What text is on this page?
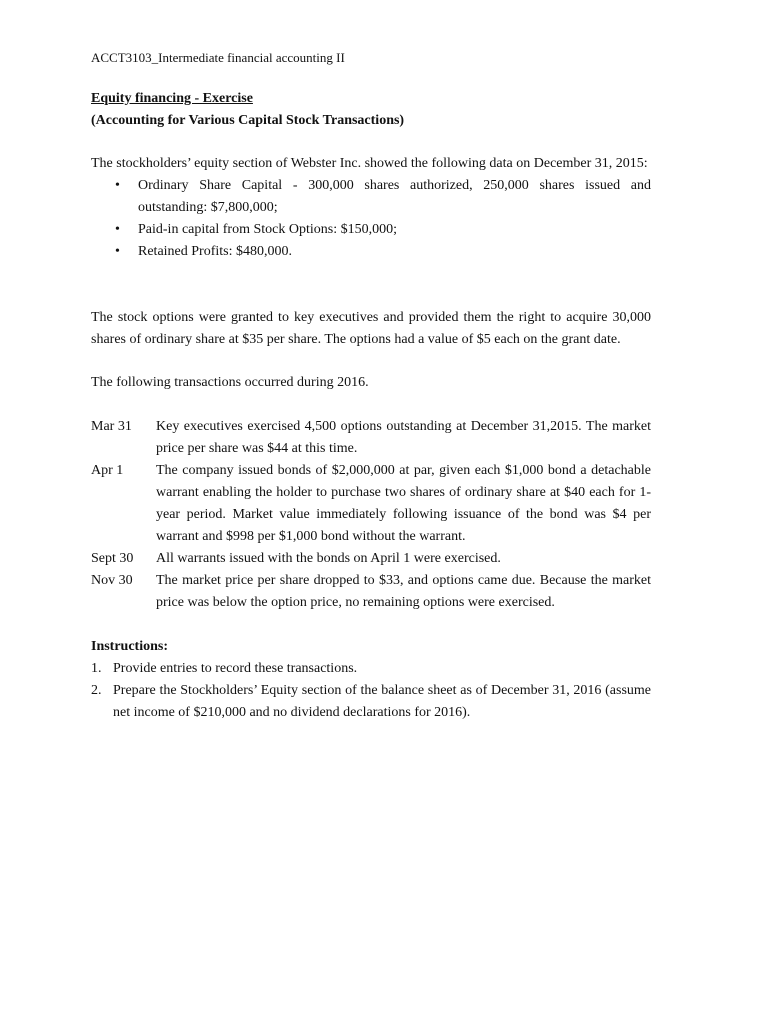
ACCT3103_Intermediate financial accounting II
Equity financing - Exercise
(Accounting for Various Capital Stock Transactions)

The stockholders’ equity section of Webster Inc. showed the following data on December 31, 2015:

• Ordinary Share Capital - 300,000 shares authorized, 250,000 shares issued and outstanding: $7,800,000;
• Paid-in capital from Stock Options: $150,000;
• Retained Profits: $480,000.

The stock options were granted to key executives and provided them the right to acquire 30,000 shares of ordinary share at $35 per share. The options had a value of $5 each on the grant date.

The following transactions occurred during 2016.

Mar 31 Key executives exercised 4,500 options outstanding at December 31,2015. The market price per share was $44 at this time.
Apr 1 The company issued bonds of $2,000,000 at par, given each $1,000 bond a detachable warrant enabling the holder to purchase two shares of ordinary share at $40 each for 1-year period. Market value immediately following issuance of the bond was $4 per warrant and $998 per $1,000 bond without the warrant.
Sept 30 All warrants issued with the bonds on April 1 were exercised.
Nov 30 The market price per share dropped to $33, and options came due. Because the market price was below the option price, no remaining options were exercised.
Instructions:
1. Provide entries to record these transactions.
2. Prepare the Stockholders’ Equity section of the balance sheet as of December 31, 2016 (assume net income of $210,000 and no dividend declarations for 2016).
